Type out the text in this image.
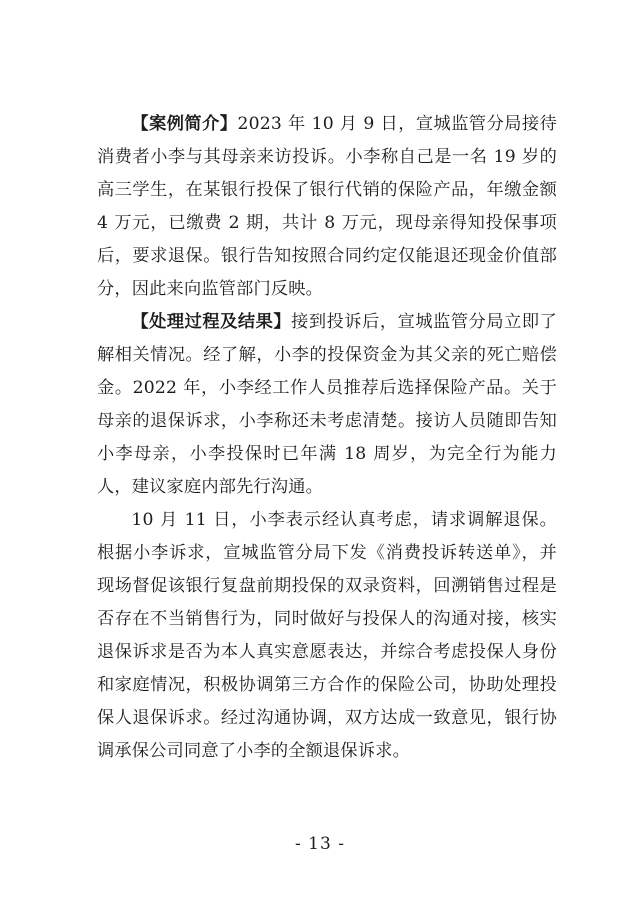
【案例简介】2023 年 10 月 9 日，宣城监管分局接待消费者小李与其母亲来访投诉。小李称自己是一名 19 岁的高三学生，在某银行投保了银行代销的保险产品，年缴金额 4 万元，已缴费 2 期，共计 8 万元，现母亲得知投保事项后，要求退保。银行告知按照合同约定仅能退还现金价值部分，因此来向监管部门反映。

【处理过程及结果】接到投诉后，宣城监管分局立即了解相关情况。经了解，小李的投保资金为其父亲的死亡赔偿金。2022 年，小李经工作人员推荐后选择保险产品。关于母亲的退保诉求，小李称还未考虑清楚。接访人员随即告知小李母亲，小李投保时已年满 18 周岁，为完全行为能力人，建议家庭内部先行沟通。

10 月 11 日，小李表示经认真考虑，请求调解退保。根据小李诉求，宣城监管分局下发《消费投诉转送单》，并现场督促该银行复盘前期投保的双录资料，回溯销售过程是否存在不当销售行为，同时做好与投保人的沟通对接，核实退保诉求是否为本人真实意愿表达，并综合考虑投保人身份和家庭情况，积极协调第三方合作的保险公司，协助处理投保人退保诉求。经过沟通协调，双方达成一致意见，银行协调承保公司同意了小李的全额退保诉求。

- 13 -
